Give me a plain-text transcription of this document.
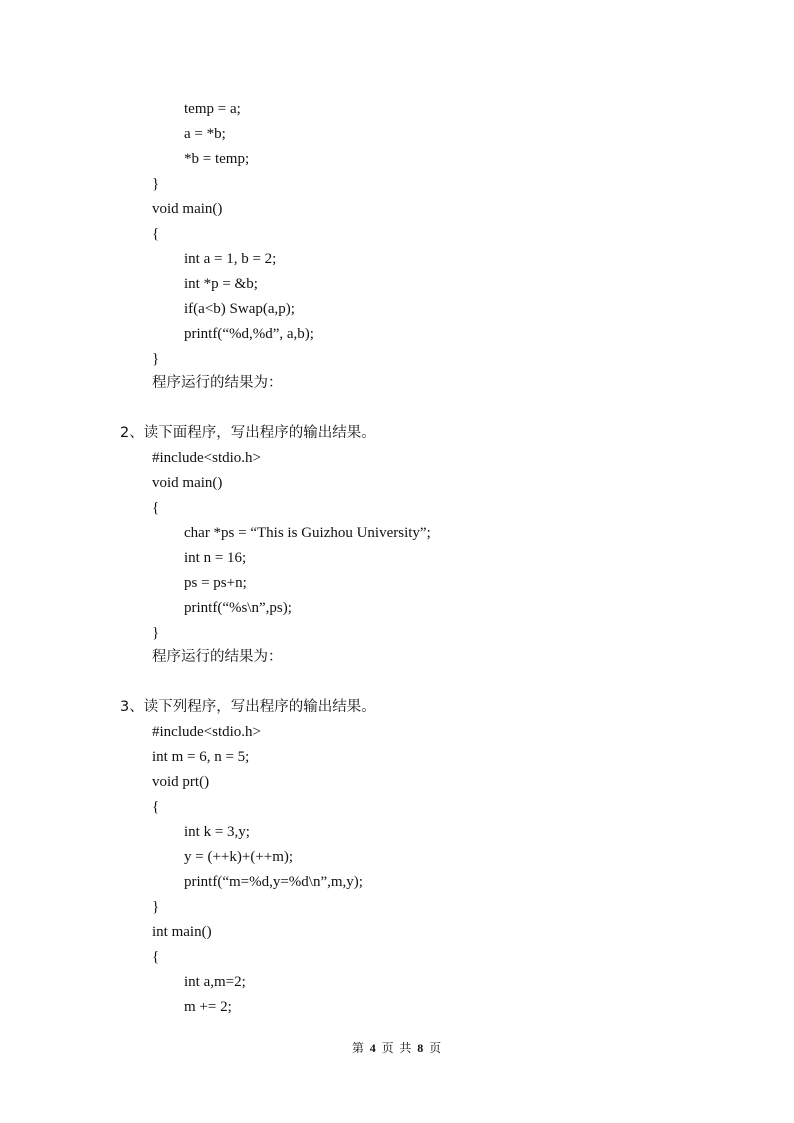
temp = a;
a = *b;
*b = temp;
}
void main()
{
int a = 1, b = 2;
int *p = &b;
if(a<b) Swap(a,p);
printf(“%d,%d”, a,b);
}
程序运行的结果为：
2、读下面程序，写出程序的输出结果。
#include<stdio.h>
void main()
{
char *ps = “This is Guizhou University”;
int n = 16;
ps = ps+n;
printf(“%s\n”,ps);
}
程序运行的结果为：
3、读下列程序，写出程序的输出结果。
#include<stdio.h>
int m = 6, n = 5;
void prt()
{
int k = 3,y;
y = (++k)+(++m);
printf(“m=%d,y=%d\n”,m,y);
}
int main()
{
int a,m=2;
m += 2;
第 4 页 共 8 页
